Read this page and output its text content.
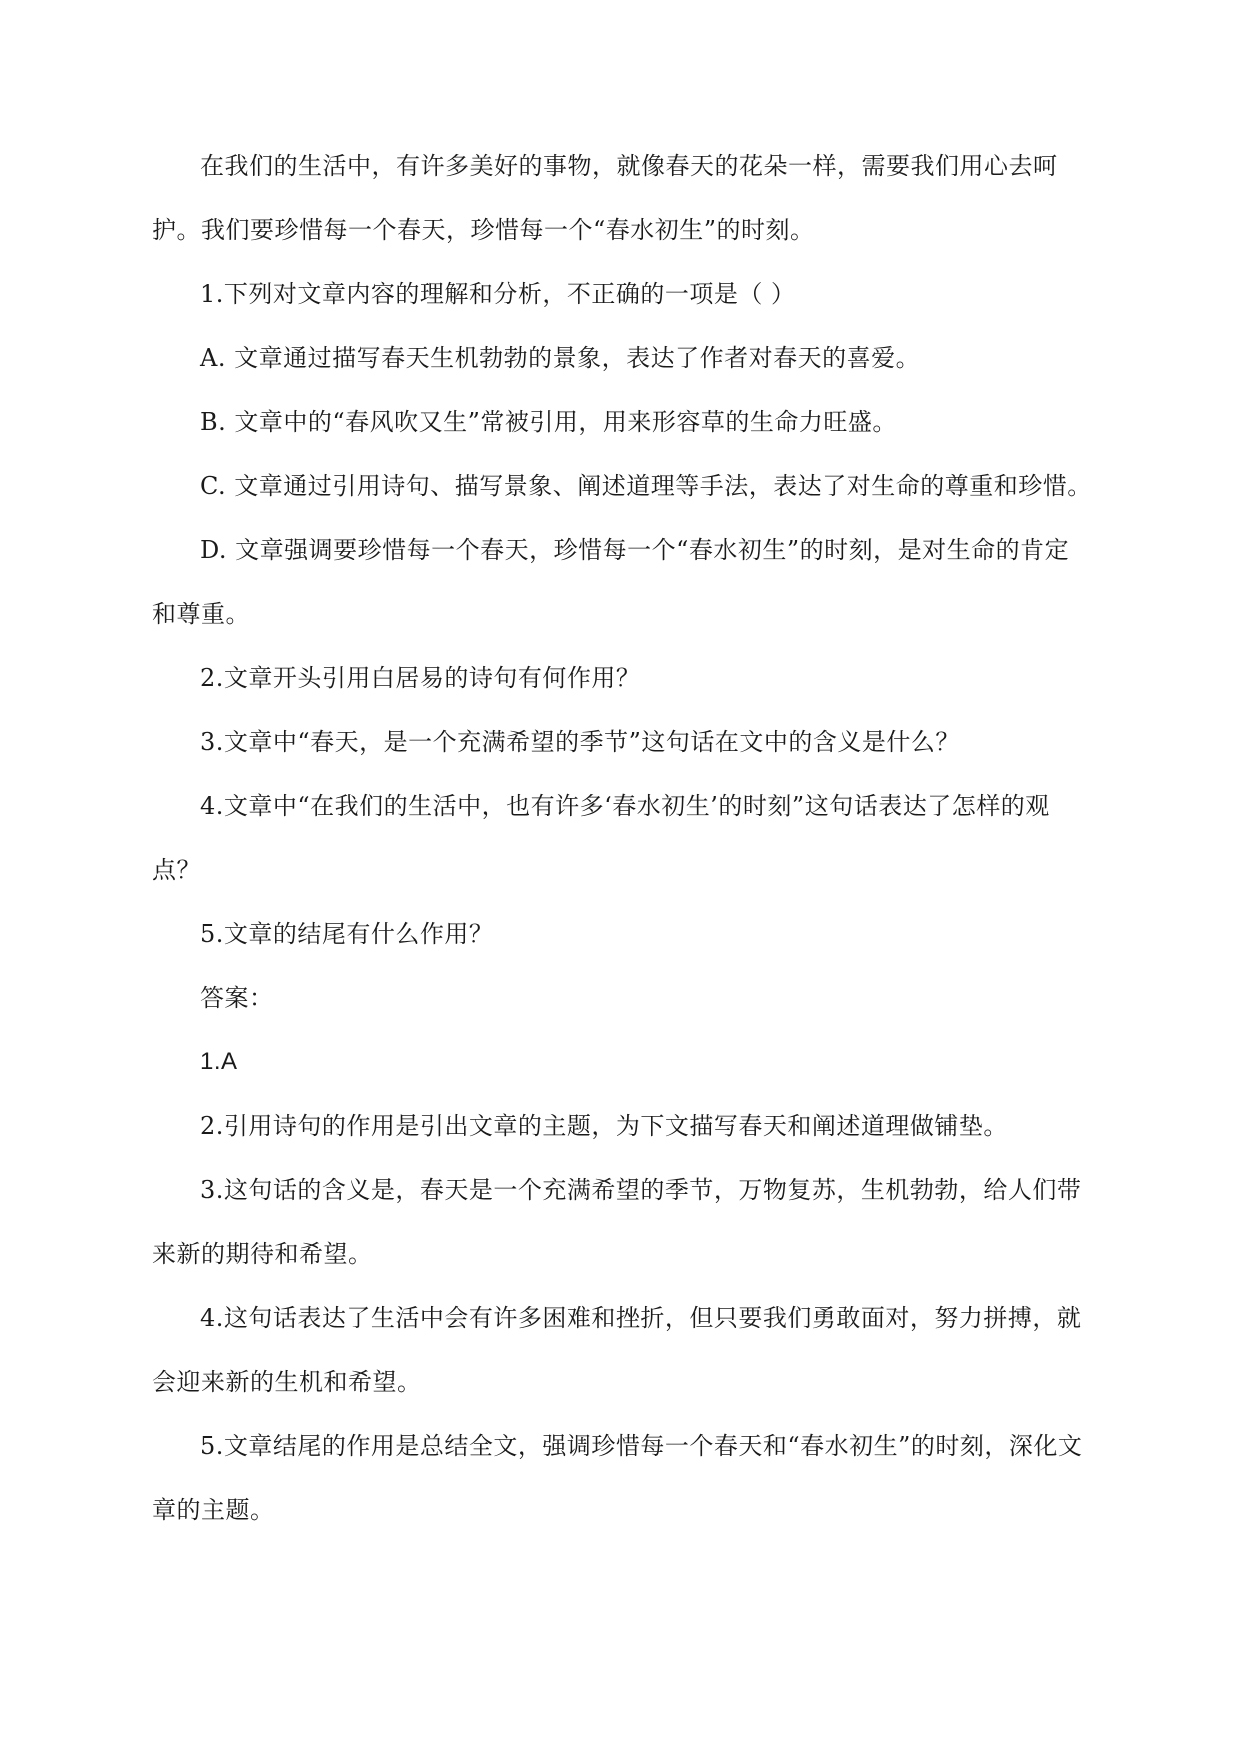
在我们的生活中，有许多美好的事物，就像春天的花朵一样，需要我们用心去呵护。我们要珍惜每一个春天，珍惜每一个“春水初生”的时刻。

1.下列对文章内容的理解和分析，不正确的一项是（ ）

A. 文章通过描写春天生机勃勃的景象，表达了作者对春天的喜爱。

B. 文章中的“春风吹又生”常被引用，用来形容草的生命力旺盛。

C. 文章通过引用诗句、描写景象、阐述道理等手法，表达了对生命的尊重和珍惜。

D. 文章强调要珍惜每一个春天，珍惜每一个“春水初生”的时刻，是对生命的肯定和尊重。

2.文章开头引用白居易的诗句有何作用？

3.文章中“春天，是一个充满希望的季节”这句话在文中的含义是什么？

4.文章中“在我们的生活中，也有许多‘春水初生’的时刻”这句话表达了怎样的观点？

5.文章的结尾有什么作用？

答案：

1.A

2.引用诗句的作用是引出文章的主题，为下文描写春天和阐述道理做铺垫。

3.这句话的含义是，春天是一个充满希望的季节，万物复苏，生机勃勃，给人们带来新的期待和希望。

4.这句话表达了生活中会有许多困难和挫折，但只要我们勇敢面对，努力拼搏，就会迎来新的生机和希望。

5.文章结尾的作用是总结全文，强调珍惜每一个春天和“春水初生”的时刻，深化文章的主题。
